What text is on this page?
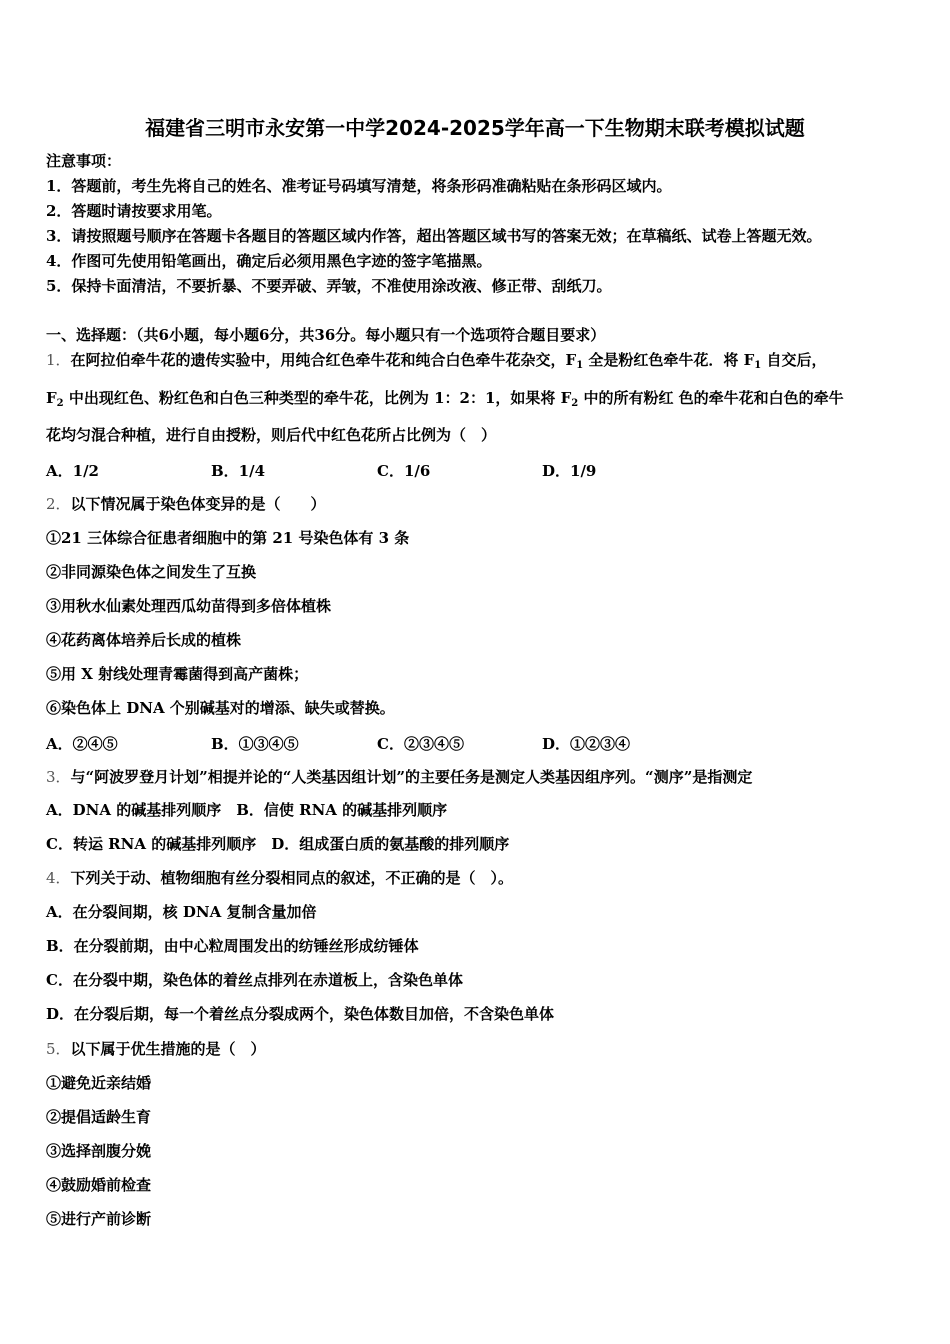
福建省三明市永安第一中学2024-2025学年高一下生物期末联考模拟试题
注意事项：
1．答题前，考生先将自己的姓名、准考证号码填写清楚，将条形码准确粘贴在条形码区域内。
2．答题时请按要求用笔。
3．请按照题号顺序在答题卡各题目的答题区域内作答，超出答题区域书写的答案无效；在草稿纸、试卷上答题无效。
4．作图可先使用铅笔画出，确定后必须用黑色字迹的签字笔描黑。
5．保持卡面清洁，不要折暴、不要弄破、弄皱，不准使用涂改液、修正带、刮纸刀。
一、选择题：（共6小题，每小题6分，共36分。每小题只有一个选项符合题目要求）
1．在阿拉伯牵牛花的遗传实验中，用纯合红色牵牛花和纯合白色牵牛花杂交，$F_1$ 全是粉红色牵牛花．将 $F_1$ 自交后，
$F_2$ 中出现红色、粉红色和白色三种类型的牵牛花，比例为 1：2：1，如果将 $F_2$ 中的所有粉红 色的牵牛花和白色的牵牛
花均匀混合种植，进行自由授粉，则后代中红色花所占比例为（　）
A．1/2	B．1/4	C．1/6	D．1/9
2．以下情况属于染色体变异的是（　　）
①21 三体综合征患者细胞中的第 21 号染色体有 3 条
②非同源染色体之间发生了互换
③用秋水仙素处理西瓜幼苗得到多倍体植株
④花药离体培养后长成的植株
⑤用 X 射线处理青霉菌得到高产菌株；
⑥染色体上 DNA 个别碱基对的增添、缺失或替换。
A．②④⑤	B．①③④⑤	C．②③④⑤	D．①②③④
3．与“阿波罗登月计划”相提并论的“人类基因组计划”的主要任务是测定人类基因组序列。“测序”是指测定
A．DNA 的碱基排列顺序　B．信使 RNA 的碱基排列顺序
C．转运 RNA 的碱基排列顺序　D．组成蛋白质的氨基酸的排列顺序
4．下列关于动、植物细胞有丝分裂相同点的叙述，不正确的是（　）。
A．在分裂间期，核 DNA 复制含量加倍
B．在分裂前期，由中心粒周围发出的纺锤丝形成纺锤体
C．在分裂中期，染色体的着丝点排列在赤道板上，含染色单体
D．在分裂后期，每一个着丝点分裂成两个，染色体数目加倍，不含染色单体
5．以下属于优生措施的是（　）
①避免近亲结婚
②提倡适龄生育
③选择剖腹分娩
④鼓励婚前检查
⑤进行产前诊断
